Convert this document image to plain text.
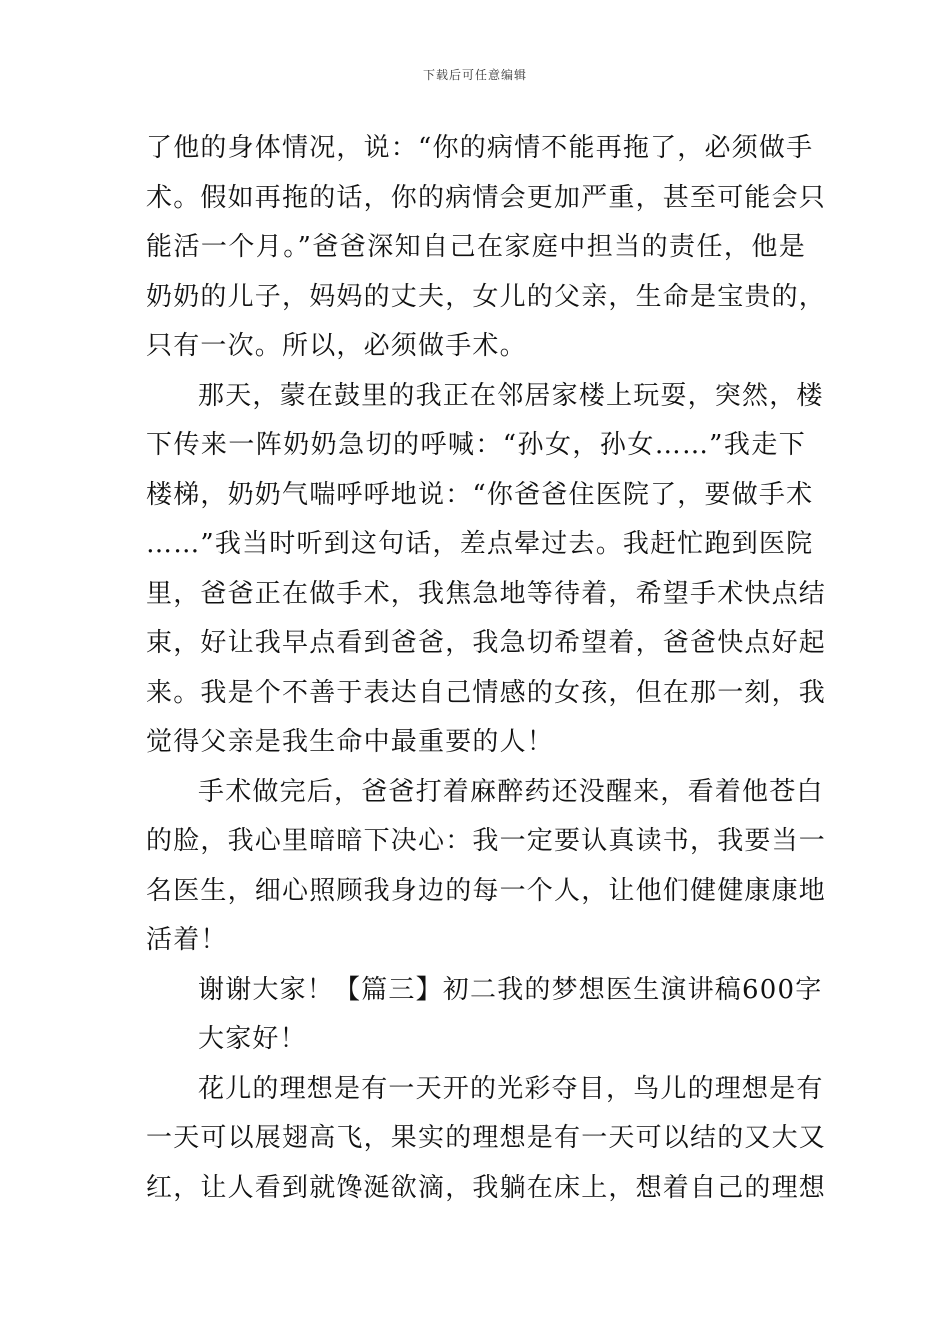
下载后可任意编辑

了他的身体情况，说：“你的病情不能再拖了，必须做手
术。假如再拖的话，你的病情会更加严重，甚至可能会只
能活一个月。”爸爸深知自己在家庭中担当的责任，他是
奶奶的儿子，妈妈的丈夫，女儿的父亲，生命是宝贵的，
只有一次。所以，必须做手术。

那天，蒙在鼓里的我正在邻居家楼上玩耍，突然，楼
下传来一阵奶奶急切的呼喊：“孙女，孙女……”我走下
楼梯，奶奶气喘呼呼地说：“你爸爸住医院了，要做手术
……”我当时听到这句话，差点晕过去。我赶忙跑到医院
里，爸爸正在做手术，我焦急地等待着，希望手术快点结
束，好让我早点看到爸爸，我急切希望着，爸爸快点好起
来。我是个不善于表达自己情感的女孩，但在那一刻，我
觉得父亲是我生命中最重要的人！

手术做完后，爸爸打着麻醉药还没醒来，看着他苍白
的脸，我心里暗暗下决心：我一定要认真读书，我要当一
名医生，细心照顾我身边的每一个人，让他们健健康康地
活着！

谢谢大家！【篇三】初二我的梦想医生演讲稿600字

大家好！

花儿的理想是有一天开的光彩夺目，鸟儿的理想是有
一天可以展翅高飞，果实的理想是有一天可以结的又大又
红，让人看到就馋涎欲滴，我躺在床上，想着自己的理想
